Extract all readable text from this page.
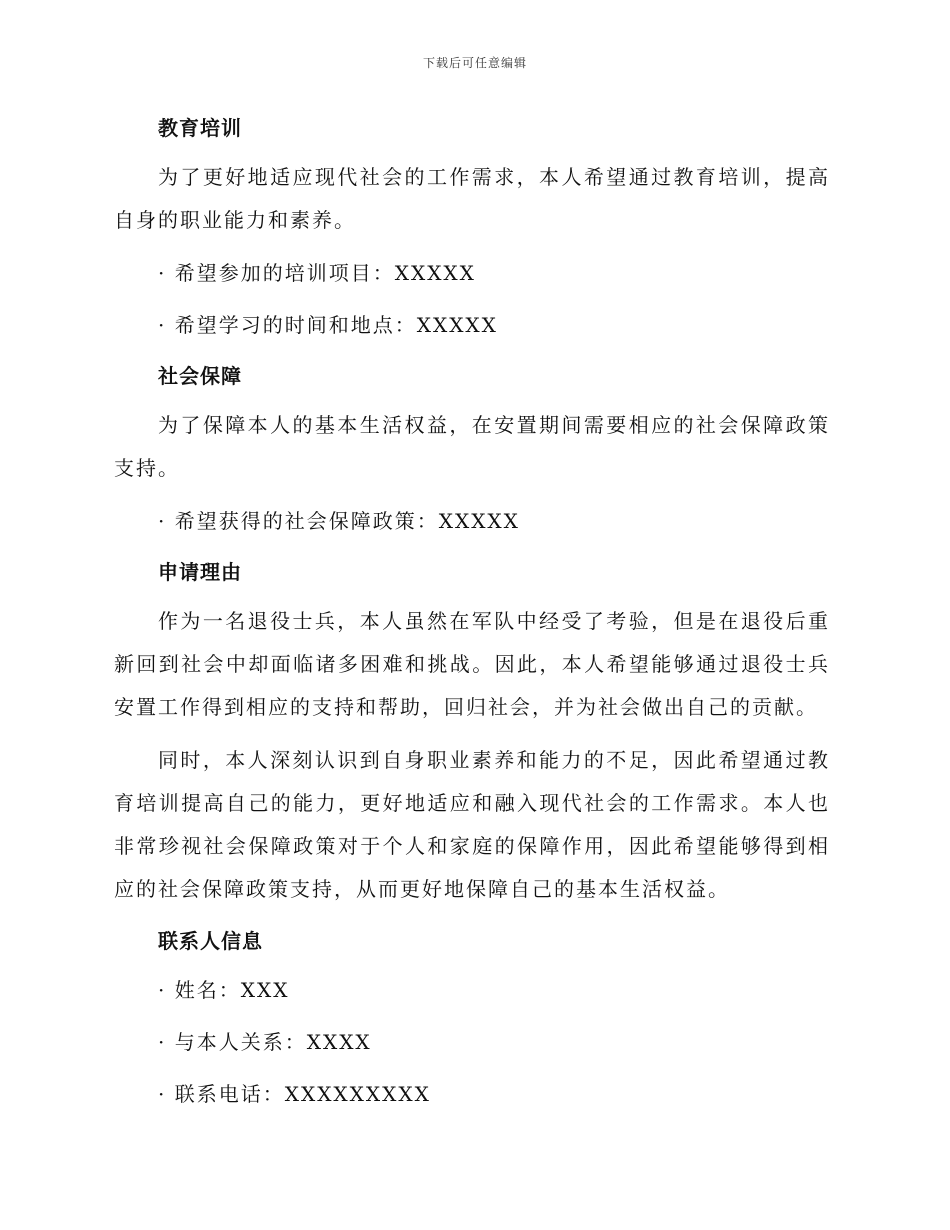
下载后可任意编辑
教育培训

为了更好地适应现代社会的工作需求，本人希望通过教育培训，提高自身的职业能力和素养。

· 希望参加的培训项目：XXXXX
· 希望学习的时间和地点：XXXXX
社会保障

为了保障本人的基本生活权益，在安置期间需要相应的社会保障政策支持。

· 希望获得的社会保障政策：XXXXX
申请理由

作为一名退役士兵，本人虽然在军队中经受了考验，但是在退役后重新回到社会中却面临诸多困难和挑战。因此，本人希望能够通过退役士兵安置工作得到相应的支持和帮助，回归社会，并为社会做出自己的贡献。

同时，本人深刻认识到自身职业素养和能力的不足，因此希望通过教育培训提高自己的能力，更好地适应和融入现代社会的工作需求。本人也非常珍视社会保障政策对于个人和家庭的保障作用，因此希望能够得到相应的社会保障政策支持，从而更好地保障自己的基本生活权益。

联系人信息
· 姓名：XXX
· 与本人关系：XXXX
· 联系电话：XXXXXXXXX
